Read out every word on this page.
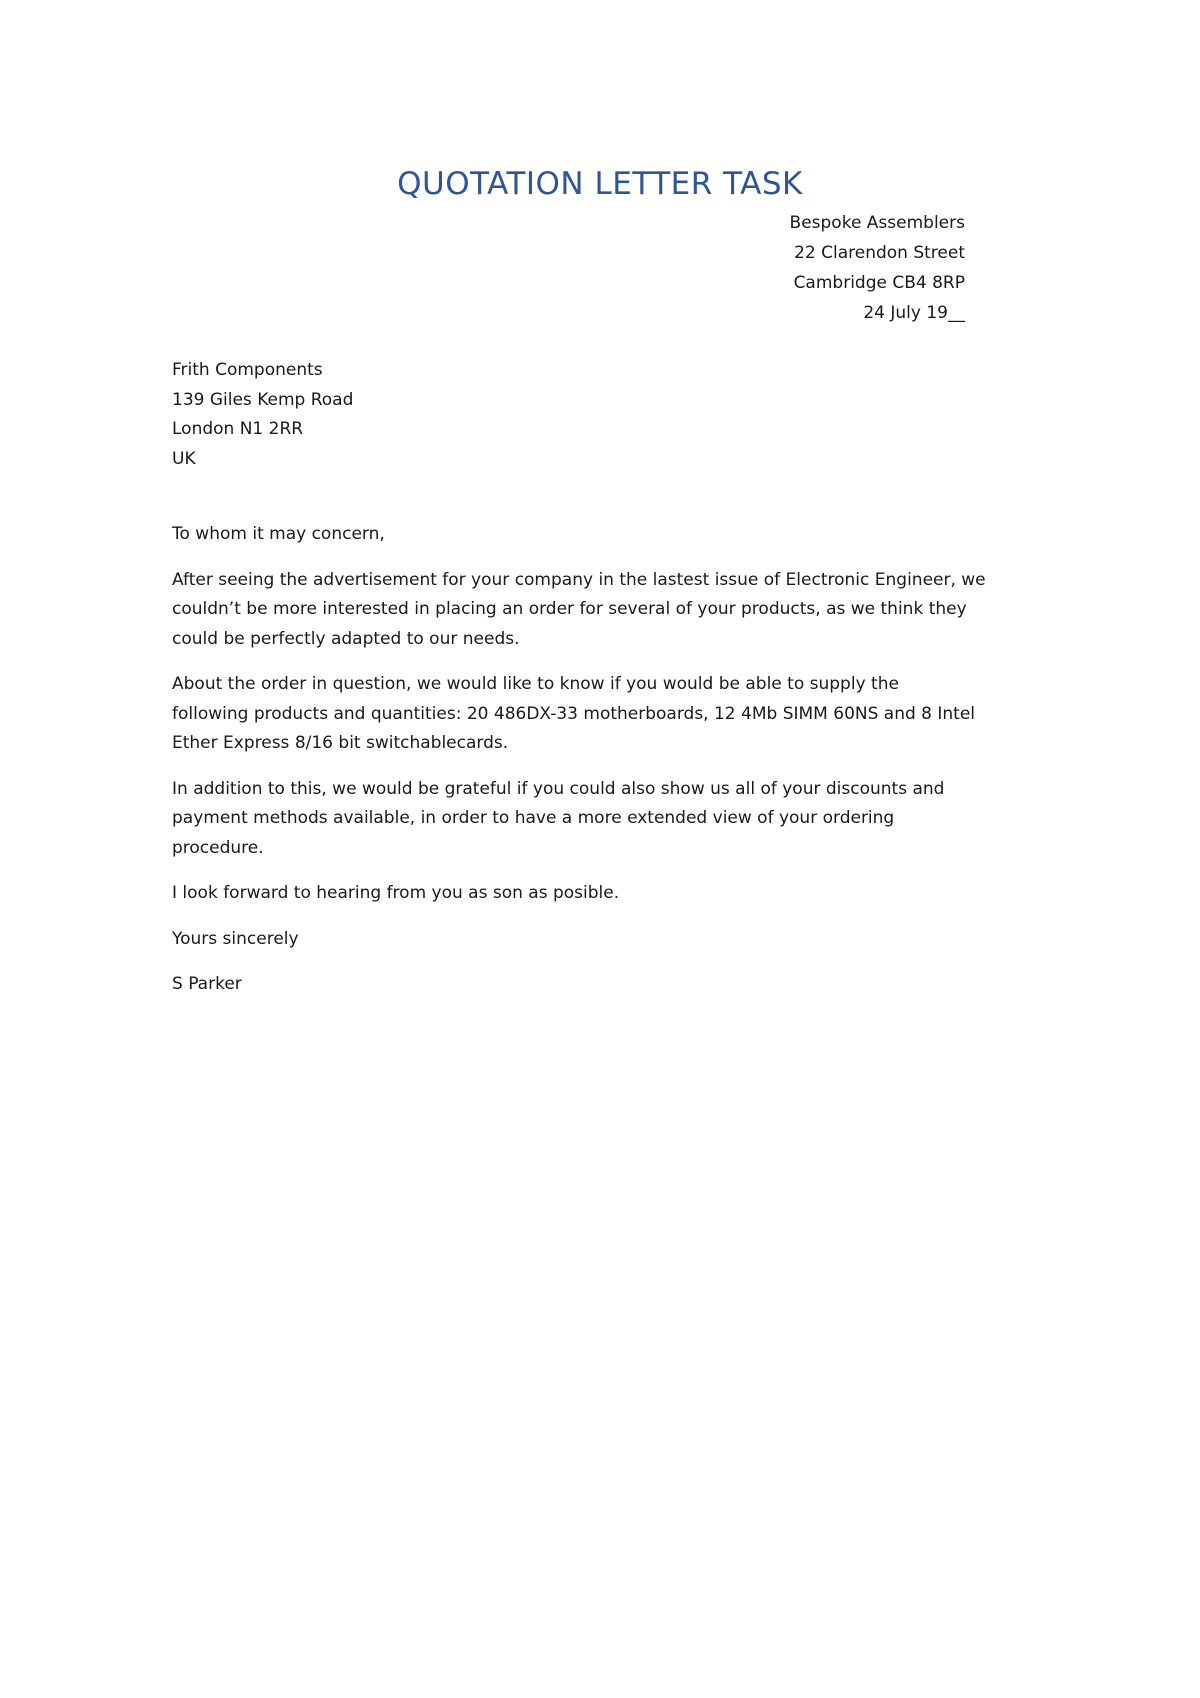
QUOTATION LETTER TASK
Bespoke Assemblers
22 Clarendon Street
Cambridge CB4 8RP
24 July 19__
Frith Components
139 Giles Kemp Road
London N1 2RR
UK

To whom it may concern,

After seeing the advertisement for your company in the lastest issue of Electronic Engineer, we
couldn’t be more interested in placing an order for several of your products, as we think they
could be perfectly adapted to our needs.

About the order in question, we would like to know if you would be able to supply the
following products and quantities: 20 486DX-33 motherboards, 12 4Mb SIMM 60NS and 8 Intel
Ether Express 8/16 bit switchablecards.

In addition to this, we would be grateful if you could also show us all of your discounts and
payment methods available, in order to have a more extended view of your ordering
procedure.

I look forward to hearing from you as son as posible.

Yours sincerely

S Parker
